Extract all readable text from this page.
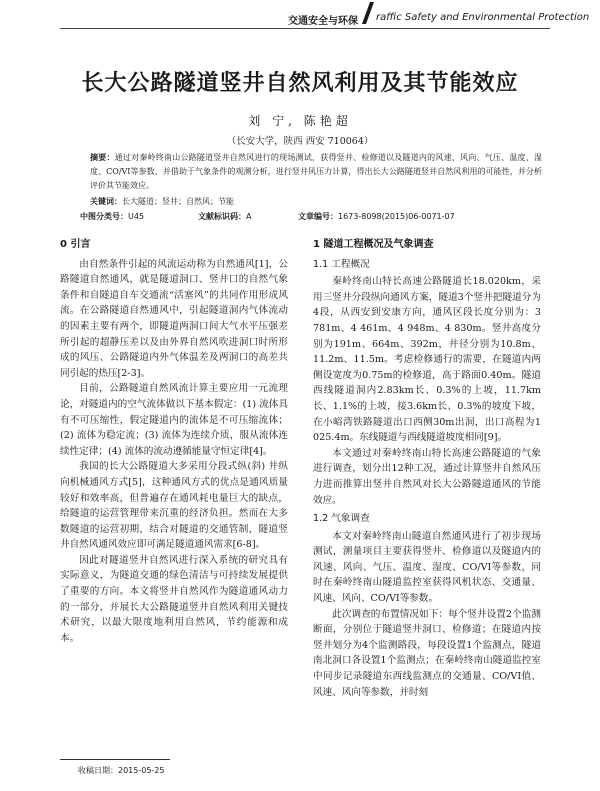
交通安全与环保 raffic Safety and Environmental Protection
长大公路隧道竖井自然风利用及其节能效应
刘 宁, 陈艳超
（长安大学，陕西 西安 710064）
摘要：通过对秦岭终南山公路隧道竖井自然风进行的现场测试，获得竖井、检修道以及隧道内的风速、风向、气压、温度、湿度、CO/VI等参数，并借助于气象条件的观测分析，进行竖井风压力计算，得出长大公路隧道竖井自然风利用的可能性，并分析评价其节能效应。
关键词：长大隧道；竖井；自然风；节能
中图分类号：U45	文献标识码：A	文章编号：1673-8098(2015)06-0071-07
0 引言

由自然条件引起的风流运动称为自然通风[1]，公路隧道自然通风，就是隧道洞口、竖井口的自然气象条件和自隧道自车交通流“活塞风”的共同作用形成风流。在公路隧道自然通风中，引起隧道洞内气体流动的因素主要有两个，即隧道两洞口间大气水平压强差所引起的超静压差以及由外界自然风吹进洞口时所形成的风压、公路隧道内外气体温差及两洞口的高差共同引起的热压[2-3]。

目前，公路隧道自然风流计算主要应用一元流理论，对隧道内的空气流体做以下基本假定：(1) 流体具有不可压缩性，假定隧道内的流体是不可压缩流体；(2) 流体为稳定流；(3) 流体为连续介质，服从流体连续性定律；(4) 流体的流动遵循能量守恒定律[4]。

我国的长大公路隧道大多采用分段式纵(斜) 井纵向机械通风方式[5]，这种通风方式的优点是通风质量较好和效率高，但普遍存在通风耗电量巨大的缺点，给隧道的运营管理带来沉重的经济负担。然而在大多数隧道的运营初期，结合对隧道的交通管制，隧道竖井自然风通风效应即可满足隧道通风需求[6-8]。

因此对隧道竖井自然风进行深入系统的研究具有实际意义，为隧道交通的绿色清洁与可持续发展提供了重要的方向。本文将竖井自然风作为隧道通风动力的一部分，并展长大公路隧道竖井自然风利用关键技术研究，以最大限度地利用自然风，节约能源和成本。

1 隧道工程概况及气象调查
1.1 工程概况

秦岭终南山特长高速公路隧道长18.020km，采用三竖井分段纵向通风方案，隧道3个竖井把隧道分为4段，从西安到安康方向，通风区段长度分别为：3 781m、4 461m、4 948m、4 830m。竖井高度分别为191m、664m、392m，井径分别为10.8m、11.2m、11.5m。考虑检修通行的需要，在隧道内两侧设宽度为0.75m的检修道，高于路面0.40m。隧道西线隧道洞内2.83km长、0.3%的上坡，11.7km长、1.1%的上坡，接3.6km长、0.3%的坡度下坡，在小峪湾铁路隧道出口西侧30m出洞，出口高程为1 025.4m。东线隧道与西线隧道坡度相同[9]。

本文通过对秦岭终南山特长高速公路隧道的气象进行调查，划分出12种工况，通过计算竖井自然风压力进而推算出竖井自然风对长大公路隧道通风的节能效应。

1.2 气象调查

本文对秦岭终南山隧道自然通风进行了初步现场测试，测量项目主要获得竖井、检修道以及隧道内的风速、风向、气压、温度、湿度、CO/VI等参数，同时在秦岭终南山隧道监控室获得风机状态、交通量、风速、风向、CO/VI等参数。

此次调查的布置情况如下：每个竖井设置2个监测断面，分别位于隧道竖井洞口、检修道；在隧道内按竖井划分为4个监测路段，每段设置1个监测点，隧道南北洞口各设置1个监测点；在秦岭终南山隧道监控室中同步记录隧道东西线监测点的交通量、CO/VI值、风速、风向等参数，并时刻

收稿日期：2015-05-25
